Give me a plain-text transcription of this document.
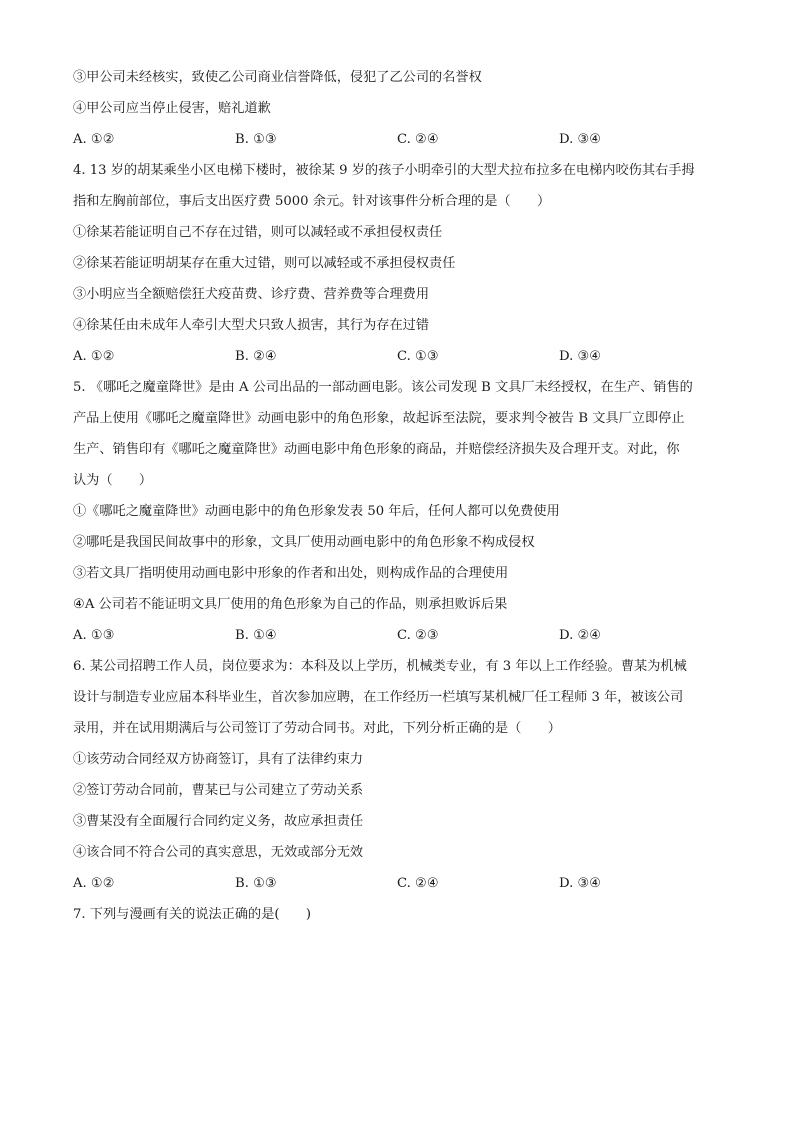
③甲公司未经核实，致使乙公司商业信誉降低，侵犯了乙公司的名誉权
④甲公司应当停止侵害，赔礼道歉
A. ①②	B. ①③	C. ②④	D. ③④
4. 13 岁的胡某乘坐小区电梯下楼时，被徐某 9 岁的孩子小明牵引的大型犬拉布拉多在电梯内咬伤其右手拇
指和左胸前部位，事后支出医疗费 5000 余元。针对该事件分析合理的是（　　）
①徐某若能证明自己不存在过错，则可以减轻或不承担侵权责任
②徐某若能证明胡某存在重大过错，则可以减轻或不承担侵权责任
③小明应当全额赔偿狂犬疫苗费、诊疗费、营养费等合理费用
④徐某任由未成年人牵引大型犬只致人损害，其行为存在过错
A. ①②	B. ②④	C. ①③	D. ③④
5. 《哪吒之魔童降世》是由 A 公司出品的一部动画电影。该公司发现 B 文具厂未经授权，在生产、销售的
产品上使用《哪吒之魔童降世》动画电影中的角色形象，故起诉至法院，要求判令被告 B 文具厂立即停止
生产、销售印有《哪吒之魔童降世》动画电影中角色形象的商品，并赔偿经济损失及合理开支。对此，你
认为（　　）
①《哪吒之魔童降世》动画电影中的角色形象发表 50 年后，任何人都可以免费使用
②哪吒是我国民间故事中的形象，文具厂使用动画电影中的角色形象不构成侵权
③若文具厂指明使用动画电影中形象的作者和出处，则构成作品的合理使用
④A 公司若不能证明文具厂使用的角色形象为自己的作品，则承担败诉后果
A. ①③	B. ①④	C. ②③	D. ②④
6. 某公司招聘工作人员，岗位要求为：本科及以上学历，机械类专业，有 3 年以上工作经验。曹某为机械
设计与制造专业应届本科毕业生，首次参加应聘，在工作经历一栏填写某机械厂任工程师 3 年，被该公司
录用，并在试用期满后与公司签订了劳动合同书。对此，下列分析正确的是（　　）
①该劳动合同经双方协商签订，具有了法律约束力
②签订劳动合同前，曹某已与公司建立了劳动关系
③曹某没有全面履行合同约定义务，故应承担责任
④该合同不符合公司的真实意思，无效或部分无效
A. ①②	B. ①③	C. ②④	D. ③④
7. 下列与漫画有关的说法正确的是(　　)
